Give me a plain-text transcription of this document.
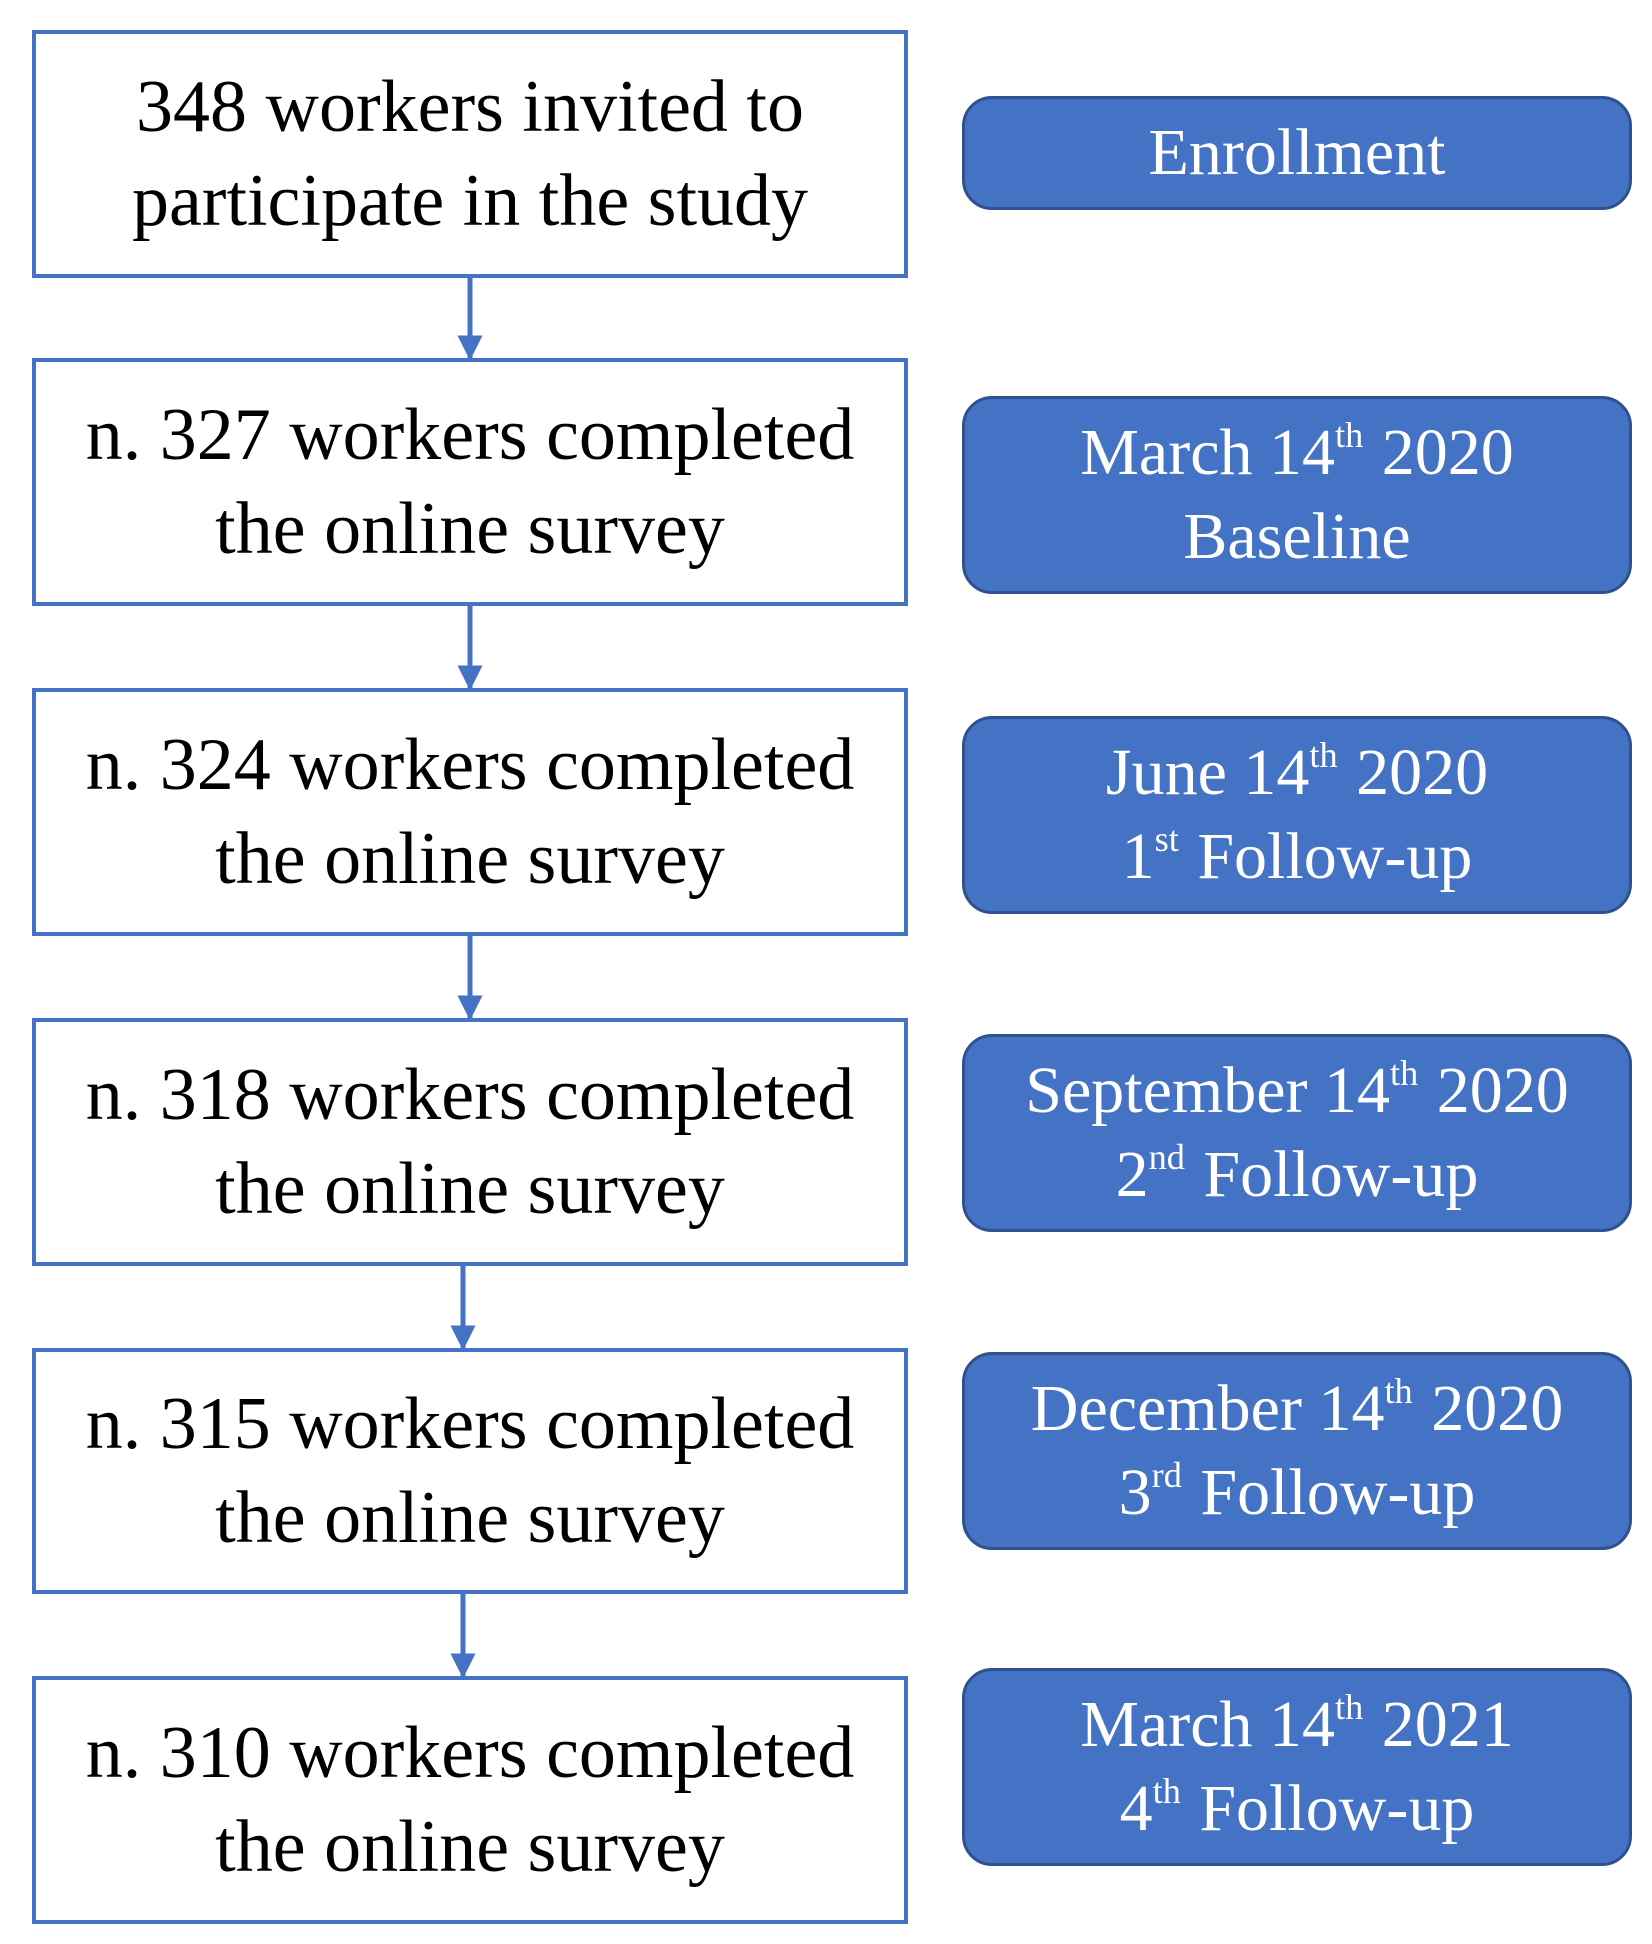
348 workers invited to
participate in the study
n. 327 workers completed
the online survey
n. 324 workers completed
the online survey
n. 318 workers completed
the online survey
n. 315 workers completed
the online survey
n. 310 workers completed
the online survey
Enrollment
March 14th 2020
Baseline
June 14th 2020
1st Follow-up
September 14th 2020
2nd Follow-up
December 14th 2020
3rd Follow-up
March 14th 2021
4th Follow-up
